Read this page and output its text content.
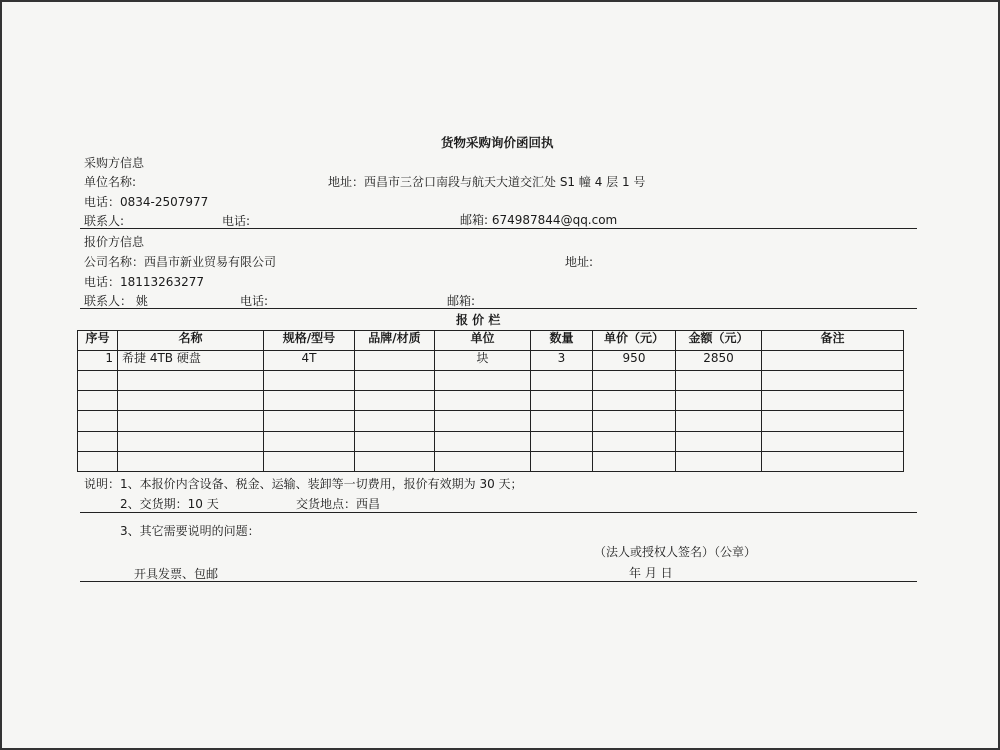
货物采购询价函回执
采购方信息
单位名称:	地址：西昌市三岔口南段与航天大道交汇处 S1 幢 4 层 1 号
电话：0834-2507977
联系人:	电话:	邮箱: 674987844@qq.com
报价方信息
公司名称：西昌市新业贸易有限公司	地址:
电话：18113263277
联系人： 姚	电话:	邮箱:
报 价 栏
序号	名称	规格/型号	品牌/材质	单位	数量	单价（元）	金额（元）	备注
1	希捷 4TB 硬盘	4T		块	3	950	2850	

说明：1、本报价内含设备、税金、运输、装卸等一切费用，报价有效期为 30 天；
2、交货期：10 天	交货地点：西昌
3、其它需要说明的问题：
（法人或授权人签名）（公章）
开具发票、包邮	年 月 日
